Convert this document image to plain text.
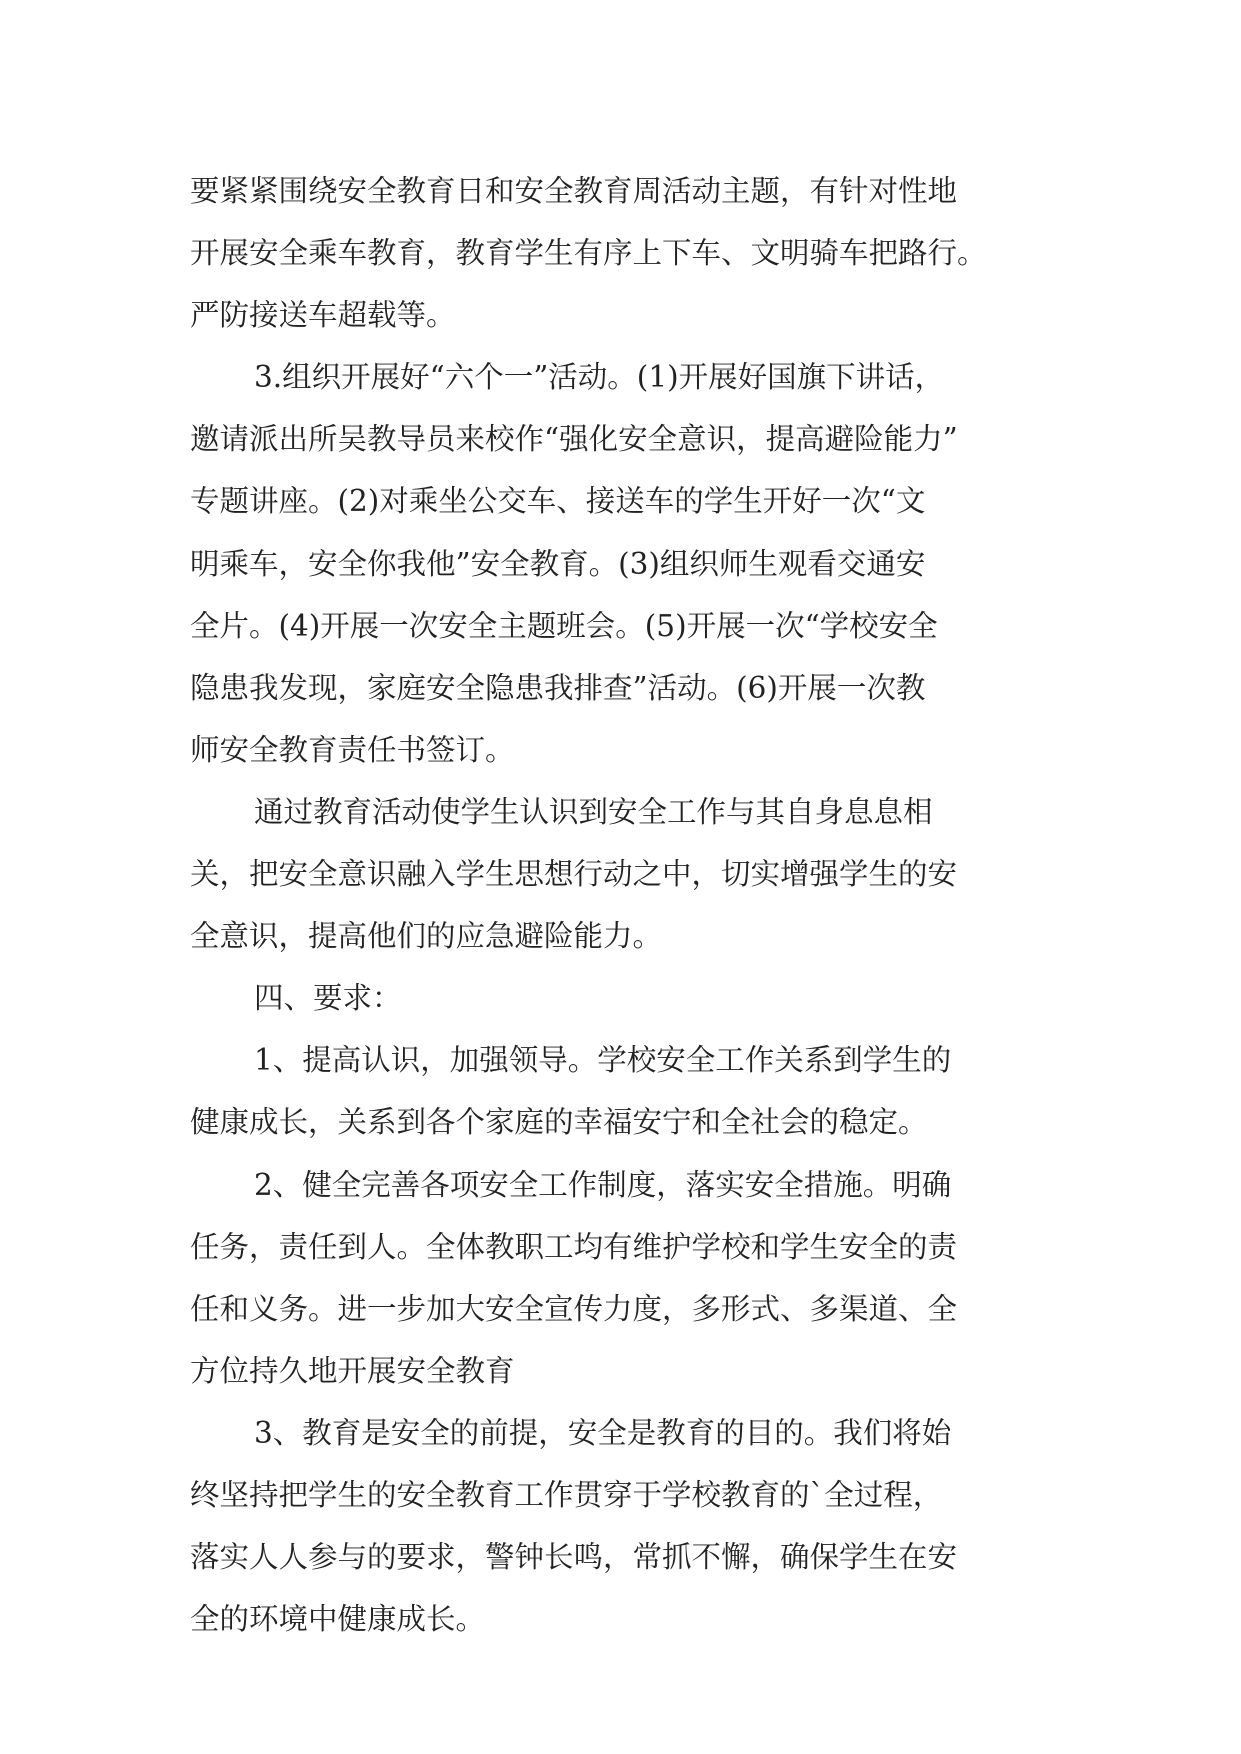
要紧紧围绕安全教育日和安全教育周活动主题，有针对性地
开展安全乘车教育，教育学生有序上下车、文明骑车把路行。
严防接送车超载等。
3.组织开展好“六个一”活动。(1)开展好国旗下讲话，
邀请派出所吴教导员来校作“强化安全意识，提高避险能力”
专题讲座。(2)对乘坐公交车、接送车的学生开好一次“文
明乘车，安全你我他”安全教育。(3)组织师生观看交通安
全片。(4)开展一次安全主题班会。(5)开展一次“学校安全
隐患我发现，家庭安全隐患我排查”活动。(6)开展一次教
师安全教育责任书签订。
通过教育活动使学生认识到安全工作与其自身息息相
关，把安全意识融入学生思想行动之中，切实增强学生的安
全意识，提高他们的应急避险能力。
四、要求：
1、提高认识，加强领导。学校安全工作关系到学生的
健康成长，关系到各个家庭的幸福安宁和全社会的稳定。
2、健全完善各项安全工作制度，落实安全措施。明确
任务，责任到人。全体教职工均有维护学校和学生安全的责
任和义务。进一步加大安全宣传力度，多形式、多渠道、全
方位持久地开展安全教育
3、教育是安全的前提，安全是教育的目的。我们将始
终坚持把学生的安全教育工作贯穿于学校教育的`全过程，
落实人人参与的要求，警钟长鸣，常抓不懈，确保学生在安
全的环境中健康成长。
